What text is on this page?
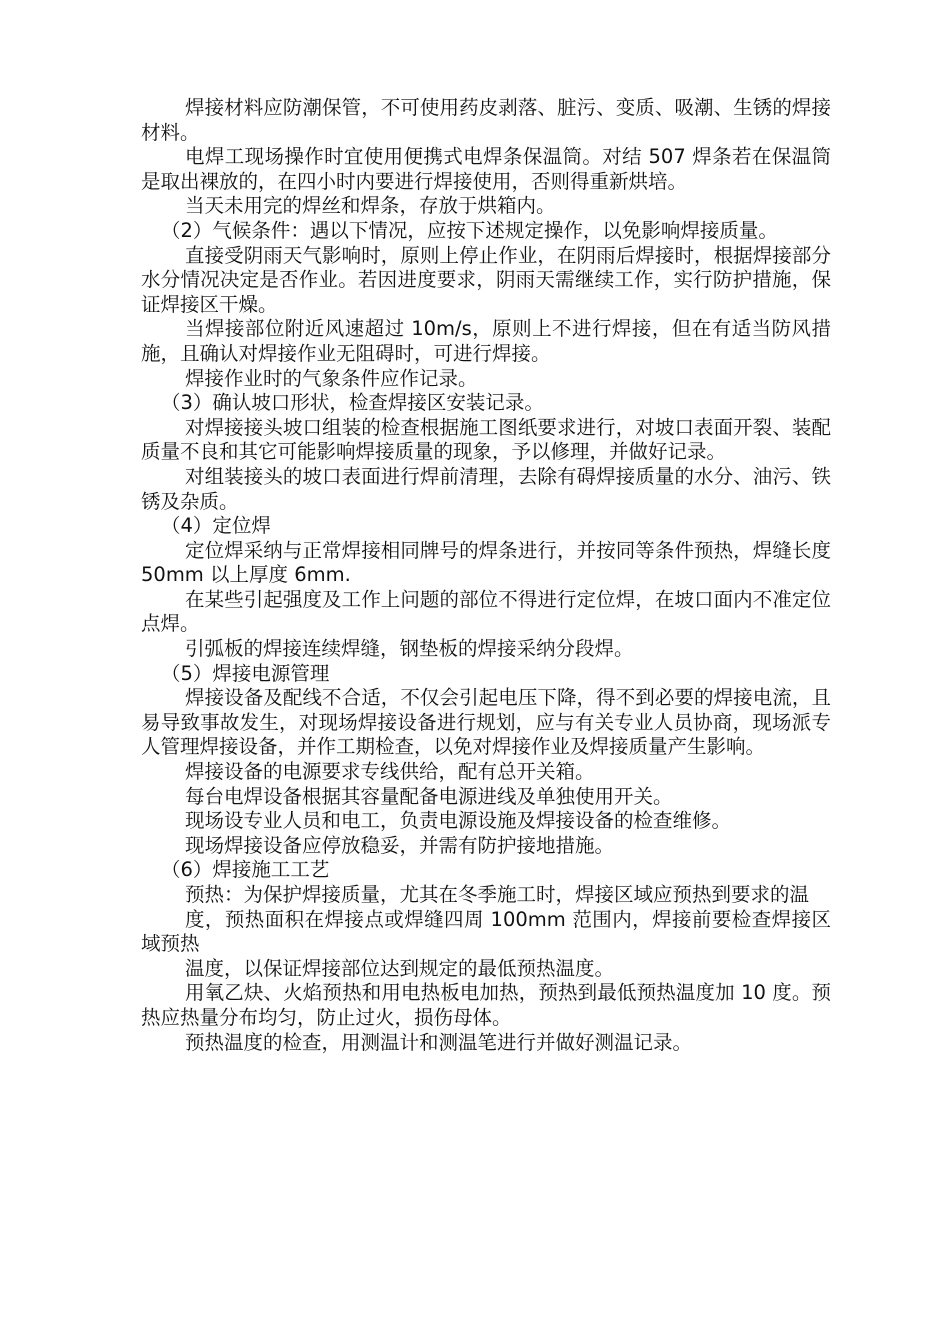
焊接材料应防潮保管，不可使用药皮剥落、脏污、变质、吸潮、生锈的焊接材料。

电焊工现场操作时宜使用便携式电焊条保温筒。对结 507 焊条若在保温筒是取出裸放的，在四小时内要进行焊接使用，否则得重新烘培。

当天未用完的焊丝和焊条，存放于烘箱内。

（2）气候条件：遇以下情况，应按下述规定操作，以免影响焊接质量。

直接受阴雨天气影响时，原则上停止作业，在阴雨后焊接时，根据焊接部分水分情况决定是否作业。若因进度要求，阴雨天需继续工作，实行防护措施，保证焊接区干燥。

当焊接部位附近风速超过 10m/s，原则上不进行焊接，但在有适当防风措施，且确认对焊接作业无阻碍时，可进行焊接。

焊接作业时的气象条件应作记录。

（3）确认坡口形状，检查焊接区安装记录。

对焊接接头坡口组装的检查根据施工图纸要求进行，对坡口表面开裂、装配质量不良和其它可能影响焊接质量的现象，予以修理，并做好记录。

对组装接头的坡口表面进行焊前清理，去除有碍焊接质量的水分、油污、铁锈及杂质。

（4）定位焊

定位焊采纳与正常焊接相同牌号的焊条进行，并按同等条件预热，焊缝长度 50mm 以上厚度 6mm.

在某些引起强度及工作上问题的部位不得进行定位焊，在坡口面内不准定位点焊。

引弧板的焊接连续焊缝，钢垫板的焊接采纳分段焊。

（5）焊接电源管理

焊接设备及配线不合适，不仅会引起电压下降，得不到必要的焊接电流，且易导致事故发生，对现场焊接设备进行规划，应与有关专业人员协商，现场派专人管理焊接设备，并作工期检查，以免对焊接作业及焊接质量产生影响。

焊接设备的电源要求专线供给，配有总开关箱。

每台电焊设备根据其容量配备电源进线及单独使用开关。

现场设专业人员和电工，负责电源设施及焊接设备的检查维修。

现场焊接设备应停放稳妥，并需有防护接地措施。

（6）焊接施工工艺

预热：为保护焊接质量，尤其在冬季施工时，焊接区域应预热到要求的温

度，预热面积在焊接点或焊缝四周 100mm 范围内，焊接前要检查焊接区域预热

温度，以保证焊接部位达到规定的最低预热温度。

用氧乙炔、火焰预热和用电热板电加热，预热到最低预热温度加 10 度。预热应热量分布均匀，防止过火，损伤母体。

预热温度的检查，用测温计和测温笔进行并做好测温记录。
